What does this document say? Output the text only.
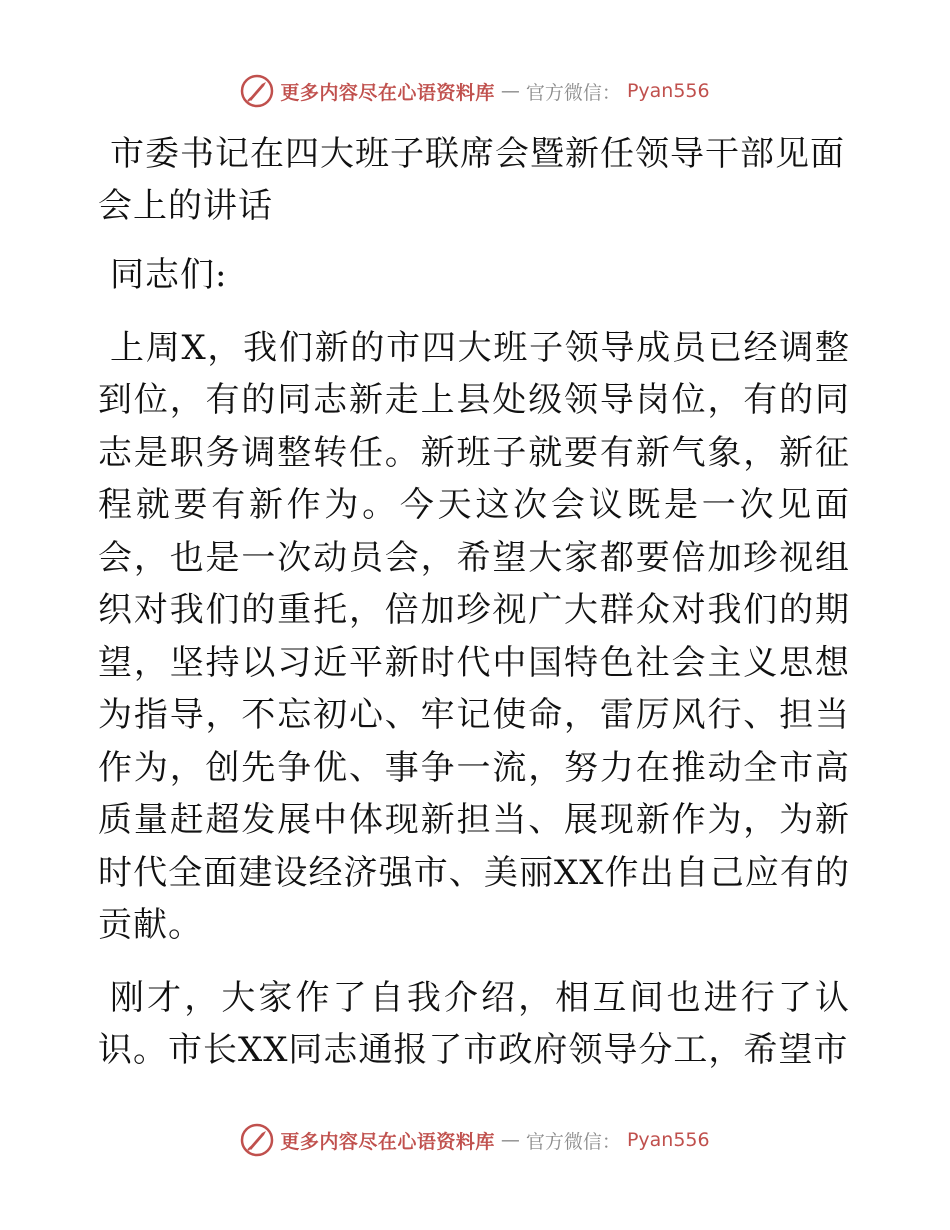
更多内容尽在心语资料库 — 官方微信： Pyan556
市委书记在四大班子联席会暨新任领导干部见面会上的讲话

同志们:

上周X，我们新的市四大班子领导成员已经调整到位，有的同志新走上县处级领导岗位，有的同志是职务调整转任。新班子就要有新气象，新征程就要有新作为。今天这次会议既是一次见面会，也是一次动员会，希望大家都要倍加珍视组织对我们的重托，倍加珍视广大群众对我们的期望，坚持以习近平新时代中国特色社会主义思想为指导，不忘初心、牢记使命，雷厉风行、担当作为，创先争优、事争一流，努力在推动全市高质量赶超发展中体现新担当、展现新作为，为新时代全面建设经济强市、美丽XX作出自己应有的贡献。

刚才，大家作了自我介绍，相互间也进行了认识。市长XX同志通报了市政府领导分工，希望市

更多内容尽在心语资料库 — 官方微信： Pyan556
